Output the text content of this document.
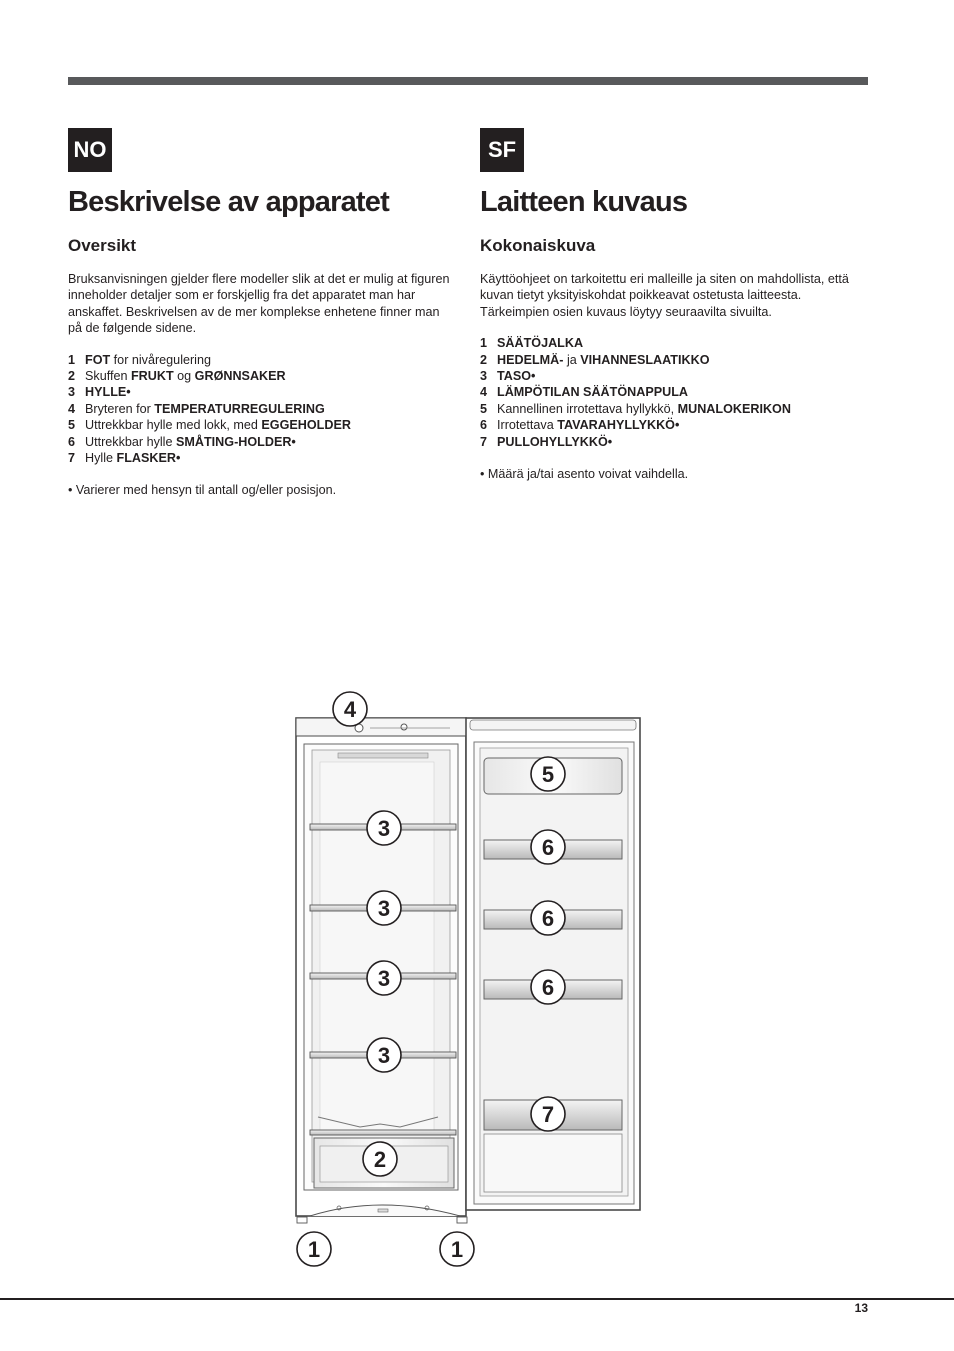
NO
Beskrivelse av apparatet
Oversikt

Bruksanvisningen gjelder flere modeller slik at det er mulig at figuren inneholder detaljer som er forskjellig fra det apparatet man har anskaffet. Beskrivelsen av de mer komplekse enhetene finner man på de følgende sidene.

1 FOT for nivåregulering
2 Skuffen FRUKT og GRØNNSAKER
3 HYLLE•
4 Bryteren for TEMPERATURREGULERING
5 Uttrekkbar hylle med lokk, med EGGEHOLDER
6 Uttrekkbar hylle SMÅTING-HOLDER•
7 Hylle FLASKER•

• Varierer med hensyn til antall og/eller posisjon.

SF
Laitteen kuvaus
Kokonaiskuva

Käyttöohjeet on tarkoitettu eri malleille ja siten on mahdollista, että kuvan tietyt yksityiskohdat poikkeavat ostetusta laitteesta. Tärkeimpien osien kuvaus löytyy seuraavilta sivuilta.

1 SÄÄTÖJALKA
2 HEDELMÄ- ja VIHANNESLAATIKKO
3 TASO•
4 LÄMPÖTILAN SÄÄTÖNAPPULA
5 Kannellinen irrotettava hyllykkö, MUNALOKERIKON
6 Irrotettava TAVARAHYLLYKKÖ•
7 PULLOHYLLYKKÖ•

• Määrä ja/tai asento voivat vaihdella.

4
5
3
6
3	6
3	6
3
7
2
1	1
13
